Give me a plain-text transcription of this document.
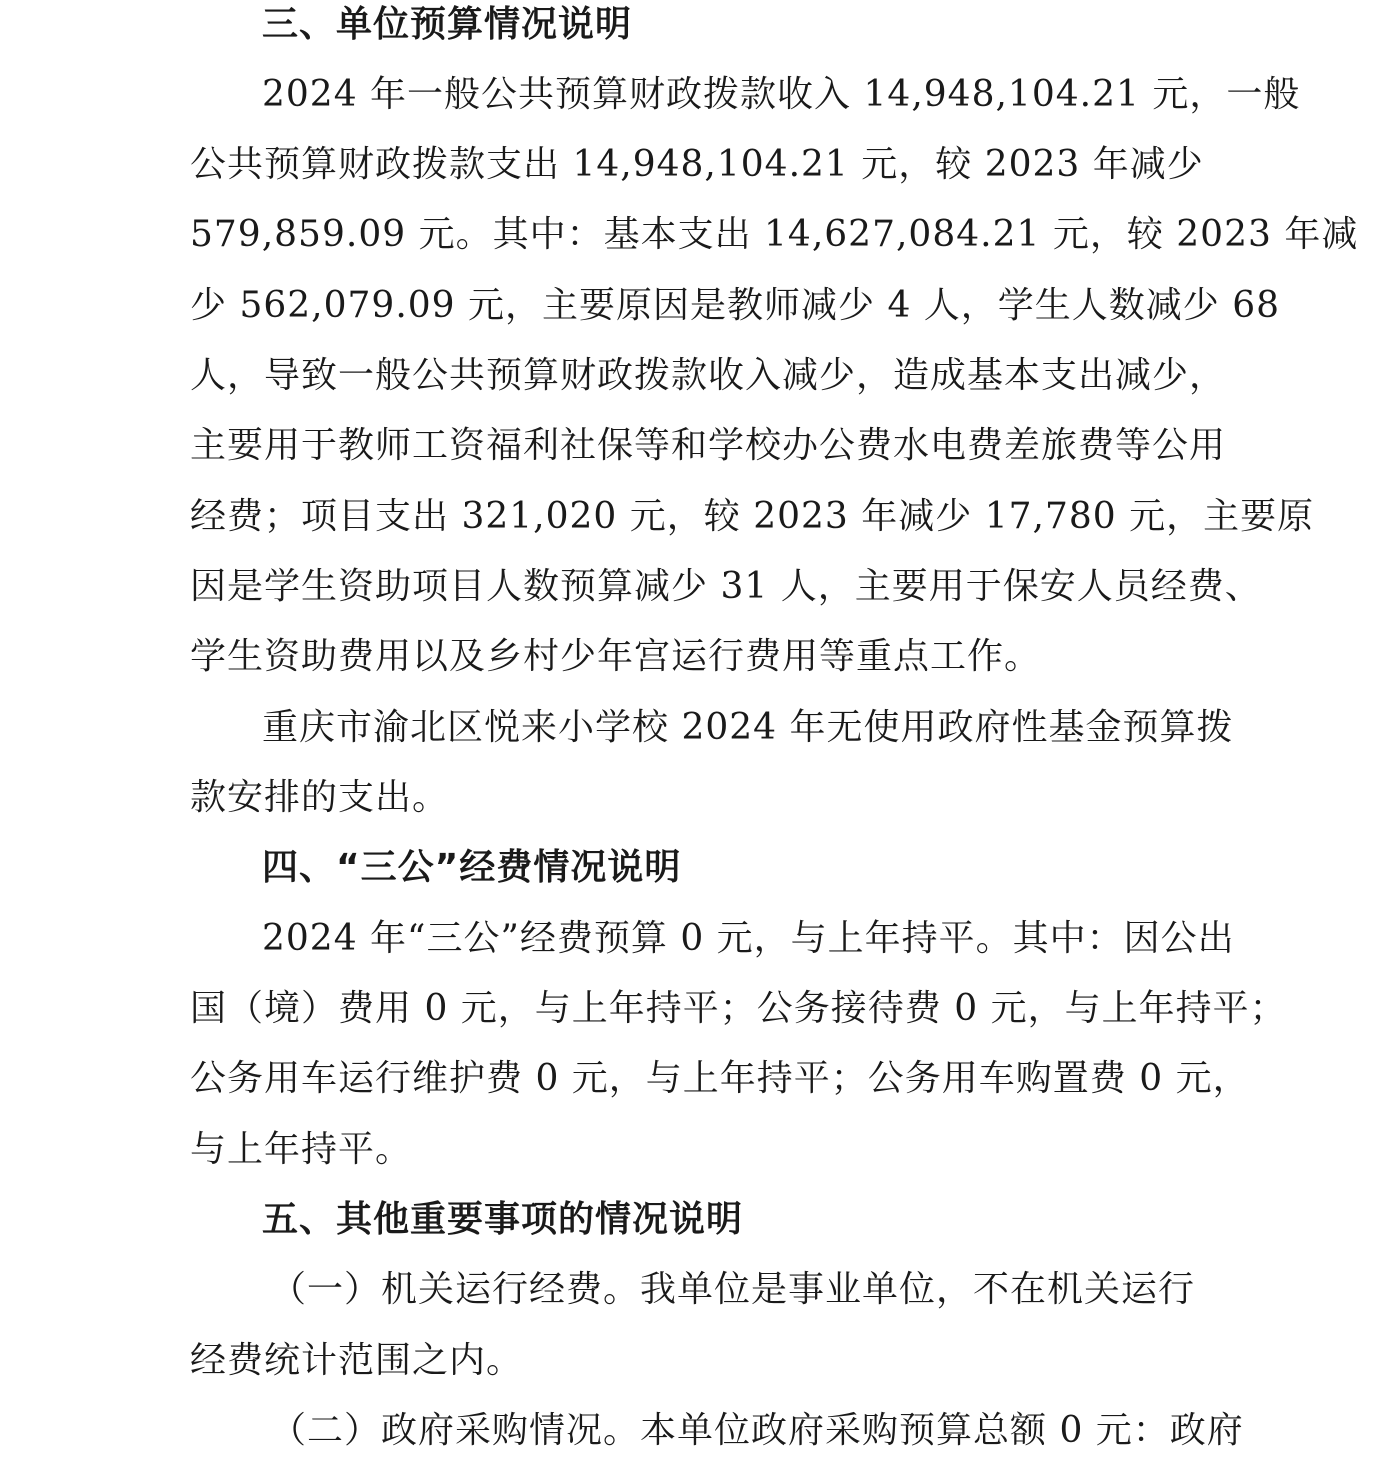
三、单位预算情况说明
2024 年一般公共预算财政拨款收入 14,948,104.21 元，一般
公共预算财政拨款支出 14,948,104.21 元，较 2023 年减少
579,859.09 元。其中：基本支出 14,627,084.21 元，较 2023 年减
少 562,079.09 元，主要原因是教师减少 4 人，学生人数减少 68
人，导致一般公共预算财政拨款收入减少，造成基本支出减少，
主要用于教师工资福利社保等和学校办公费水电费差旅费等公用
经费；项目支出 321,020 元，较 2023 年减少 17,780 元，主要原
因是学生资助项目人数预算减少 31 人，主要用于保安人员经费、
学生资助费用以及乡村少年宫运行费用等重点工作。
重庆市渝北区悦来小学校 2024 年无使用政府性基金预算拨
款安排的支出。
四、“三公”经费情况说明
2024 年“三公”经费预算 0 元，与上年持平。其中：因公出
国（境）费用 0 元，与上年持平；公务接待费 0 元，与上年持平；
公务用车运行维护费 0 元，与上年持平；公务用车购置费 0 元，
与上年持平。
五、其他重要事项的情况说明
（一）机关运行经费。我单位是事业单位，不在机关运行
经费统计范围之内。
（二）政府采购情况。本单位政府采购预算总额 0 元：政府
